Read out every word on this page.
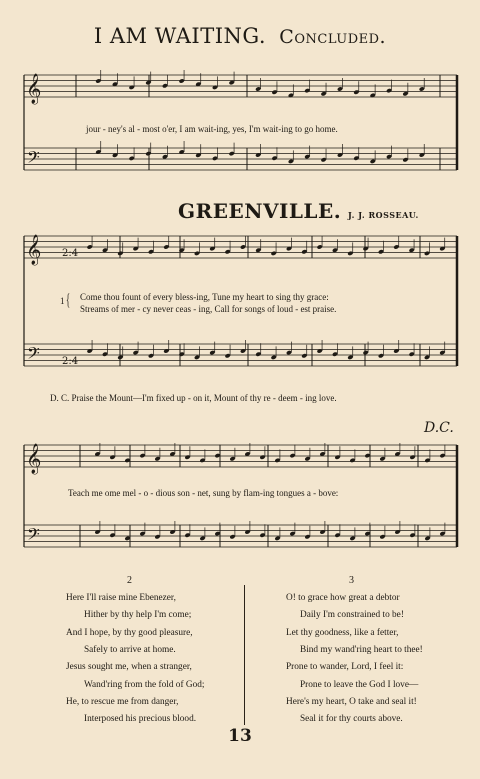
𝄞
𝄢
𝄞
𝄢
2:4
2:4
𝄞
𝄢
I AM WAITING. Concluded.
jour - ney's al - most o'er, I am wait-ing, yes, I'm wait-ing to go home.
GREENVILLE. J. J. ROSSEAU.
1 { Come thou fount of every bless-ing, Tune my heart to sing thy grace:
Streams of mer - cy never ceas - ing, Call for songs of loud - est praise.
D. C. Praise the Mount—I'm fixed up - on it, Mount of thy re - deem - ing love.
D.C.
Teach me ome mel - o - dious son - net, sung by flam-ing tongues a - bove:
2	3
Here I'll raise mine Ebenezer,
Hither by thy help I'm come;
And I hope, by thy good pleasure,
Safely to arrive at home.
Jesus sought me, when a stranger,
Wand'ring from the fold of God;
He, to rescue me from danger,
Interposed his precious blood.
O! to grace how great a debtor
Daily I'm constrained to be!
Let thy goodness, like a fetter,
Bind my wand'ring heart to thee!
Prone to wander, Lord, I feel it:
Prone to leave the God I love—
Here's my heart, O take and seal it!
Seal it for thy courts above.
13
